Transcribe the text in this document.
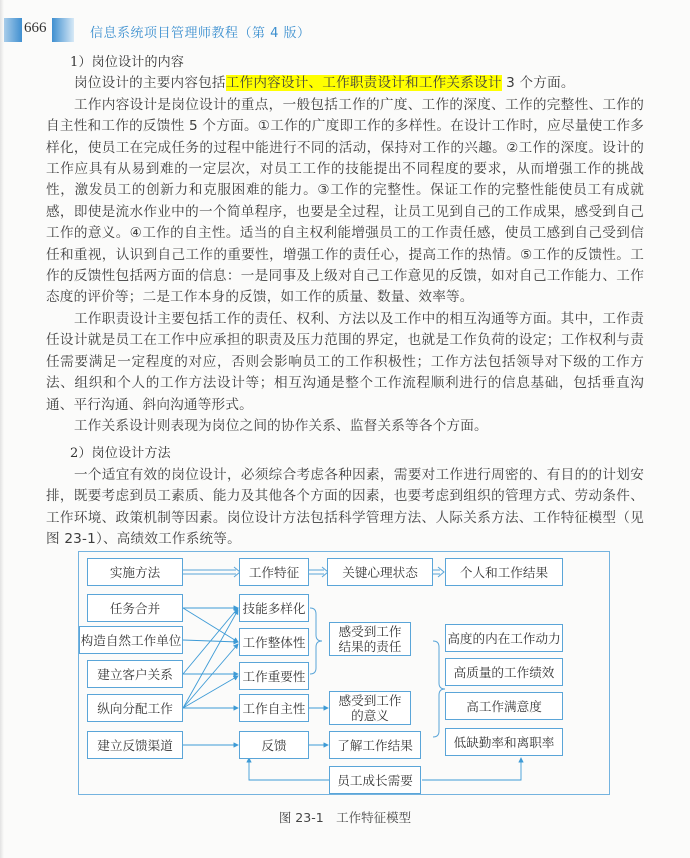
666	信息系统项目管理师教程（第 4 版）

1）岗位设计的内容

岗位设计的主要内容包括工作内容设计、工作职责设计和工作关系设计 3 个方面。

工作内容设计是岗位设计的重点，一般包括工作的广度、工作的深度、工作的完整性、工作的自主性和工作的反馈性 5 个方面。①工作的广度即工作的多样性。在设计工作时，应尽量使工作多样化，使员工在完成任务的过程中能进行不同的活动，保持对工作的兴趣。②工作的深度。设计的工作应具有从易到难的一定层次，对员工工作的技能提出不同程度的要求，从而增强工作的挑战性，激发员工的创新力和克服困难的能力。③工作的完整性。保证工作的完整性能使员工有成就感，即使是流水作业中的一个简单程序，也要是全过程，让员工见到自己的工作成果，感受到自己工作的意义。④工作的自主性。适当的自主权利能增强员工的工作责任感，使员工感到自己受到信任和重视，认识到自己工作的重要性，增强工作的责任心，提高工作的热情。⑤工作的反馈性。工作的反馈性包括两方面的信息：一是同事及上级对自己工作意见的反馈，如对自己工作能力、工作态度的评价等；二是工作本身的反馈，如工作的质量、数量、效率等。

工作职责设计主要包括工作的责任、权利、方法以及工作中的相互沟通等方面。其中，工作责任设计就是员工在工作中应承担的职责及压力范围的界定，也就是工作负荷的设定；工作权利与责任需要满足一定程度的对应，否则会影响员工的工作积极性；工作方法包括领导对下级的工作方法、组织和个人的工作方法设计等；相互沟通是整个工作流程顺利进行的信息基础，包括垂直沟通、平行沟通、斜向沟通等形式。

工作关系设计则表现为岗位之间的协作关系、监督关系等各个方面。

2）岗位设计方法

一个适宜有效的岗位设计，必须综合考虑各种因素，需要对工作进行周密的、有目的的计划安排，既要考虑到员工素质、能力及其他各个方面的因素，也要考虑到组织的管理方式、劳动条件、工作环境、政策机制等因素。岗位设计方法包括科学管理方法、人际关系方法、工作特征模型（见图 23-1）、高绩效工作系统等。

实施方法	工作特征	关键心理状态	个人和工作结果
任务合并
构造自然工作单位
建立客户关系
纵向分配工作
建立反馈渠道
技能多样化
工作整体性
工作重要性
工作自主性
反馈
感受到工作结果的责任
感受到工作的意义
了解工作结果
高度的内在工作动力
高质量的工作绩效
高工作满意度
低缺勤率和离职率
员工成长需要
图 23-1　工作特征模型
